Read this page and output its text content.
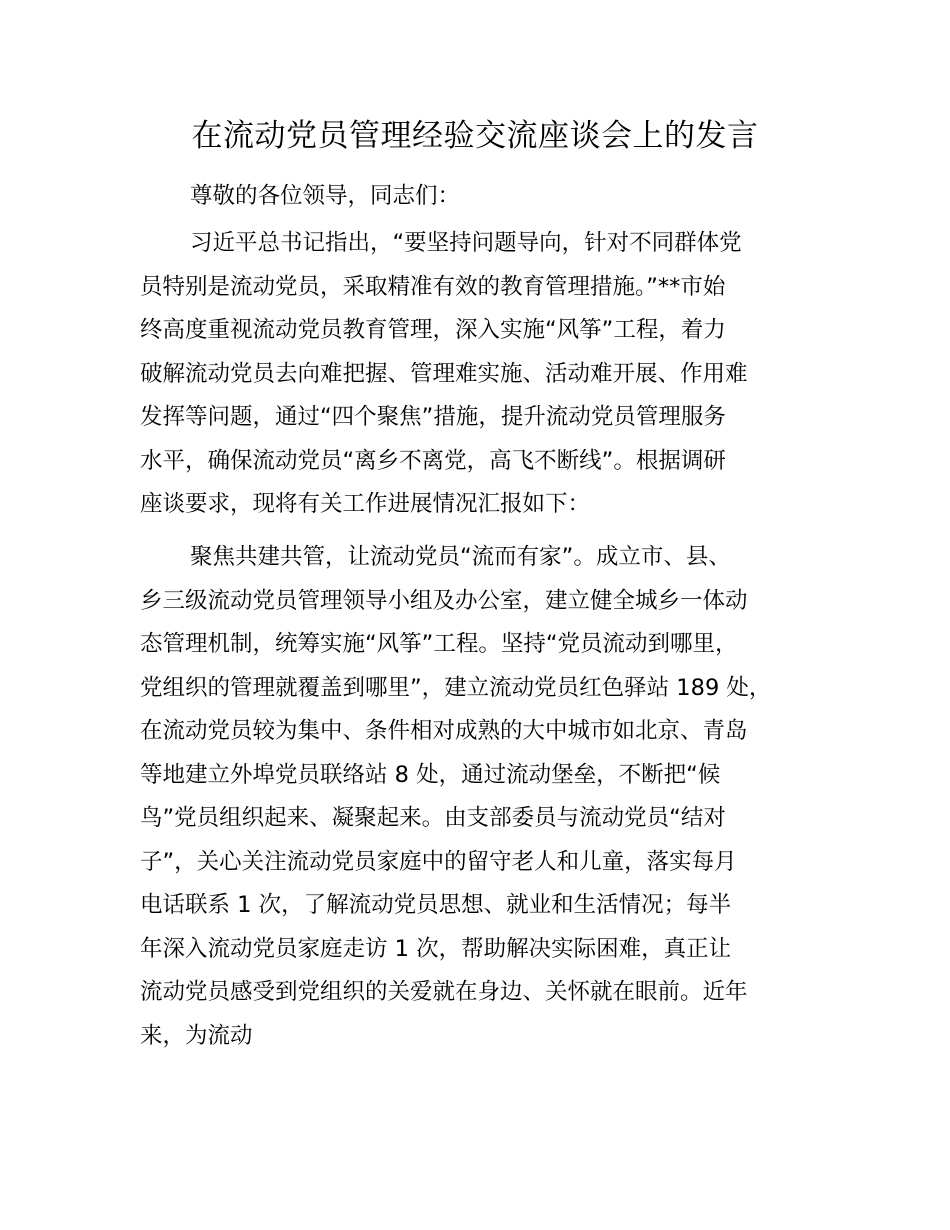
在流动党员管理经验交流座谈会上的发言
尊敬的各位领导，同志们：
习近平总书记指出，“要坚持问题导向，针对不同群体党
员特别是流动党员，采取精准有效的教育管理措施。”**市始
终高度重视流动党员教育管理，深入实施“风筝”工程，着力
破解流动党员去向难把握、管理难实施、活动难开展、作用难
发挥等问题，通过“四个聚焦”措施，提升流动党员管理服务
水平，确保流动党员“离乡不离党，高飞不断线”。根据调研
座谈要求，现将有关工作进展情况汇报如下：
聚焦共建共管，让流动党员“流而有家”。成立市、县、
乡三级流动党员管理领导小组及办公室，建立健全城乡一体动
态管理机制，统筹实施“风筝”工程。坚持“党员流动到哪里，
党组织的管理就覆盖到哪里”，建立流动党员红色驿站 189 处，
在流动党员较为集中、条件相对成熟的大中城市如北京、青岛
等地建立外埠党员联络站 8 处，通过流动堡垒，不断把“候
鸟”党员组织起来、凝聚起来。由支部委员与流动党员“结对
子”，关心关注流动党员家庭中的留守老人和儿童，落实每月
电话联系 1 次，了解流动党员思想、就业和生活情况；每半
年深入流动党员家庭走访 1 次，帮助解决实际困难，真正让
流动党员感受到党组织的关爱就在身边、关怀就在眼前。近年
来，为流动
